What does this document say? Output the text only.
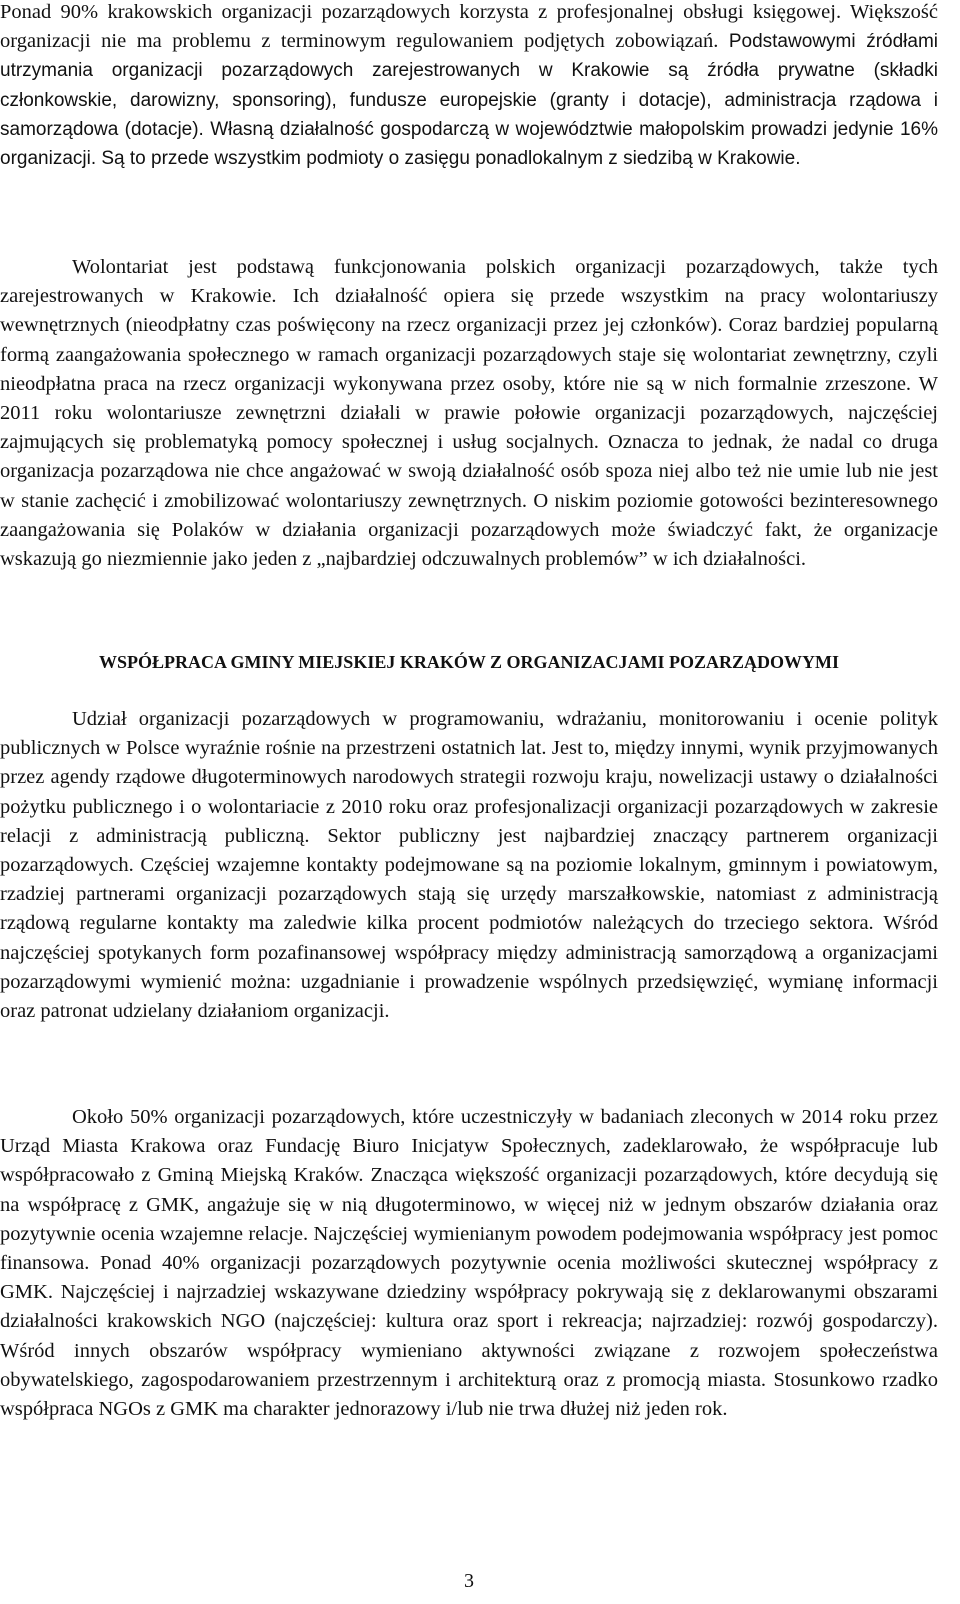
Ponad 90% krakowskich organizacji pozarządowych korzysta z profesjonalnej obsługi księgowej. Większość organizacji nie ma problemu z terminowym regulowaniem podjętych zobowiązań. Podstawowymi źródłami utrzymania organizacji pozarządowych zarejestrowanych w Krakowie są źródła prywatne (składki członkowskie, darowizny, sponsoring), fundusze europejskie (granty i dotacje), administracja rządowa i samorządowa (dotacje). Własną działalność gospodarczą w województwie małopolskim prowadzi jedynie 16% organizacji. Są to przede wszystkim podmioty o zasięgu ponadlokalnym z siedzibą w Krakowie.

Wolontariat jest podstawą funkcjonowania polskich organizacji pozarządowych, także tych zarejestrowanych w Krakowie. Ich działalność opiera się przede wszystkim na pracy wolontariuszy wewnętrznych (nieodpłatny czas poświęcony na rzecz organizacji przez jej członków). Coraz bardziej popularną formą zaangażowania społecznego w ramach organizacji pozarządowych staje się wolontariat zewnętrzny, czyli nieodpłatna praca na rzecz organizacji wykonywana przez osoby, które nie są w nich formalnie zrzeszone. W 2011 roku wolontariusze zewnętrzni działali w prawie połowie organizacji pozarządowych, najczęściej zajmujących się problematyką pomocy społecznej i usług socjalnych. Oznacza to jednak, że nadal co druga organizacja pozarządowa nie chce angażować w swoją działalność osób spoza niej albo też nie umie lub nie jest w stanie zachęcić i zmobilizować wolontariuszy zewnętrznych. O niskim poziomie gotowości bezinteresownego zaangażowania się Polaków w działania organizacji pozarządowych może świadczyć fakt, że organizacje wskazują go niezmiennie jako jeden z „najbardziej odczuwalnych problemów” w ich działalności.

WSPÓŁPRACA GMINY MIEJSKIEJ KRAKÓW Z ORGANIZACJAMI POZARZĄDOWYMI

Udział organizacji pozarządowych w programowaniu, wdrażaniu, monitorowaniu i ocenie polityk publicznych w Polsce wyraźnie rośnie na przestrzeni ostatnich lat. Jest to, między innymi, wynik przyjmowanych przez agendy rządowe długoterminowych narodowych strategii rozwoju kraju, nowelizacji ustawy o działalności pożytku publicznego i o wolontariacie z 2010 roku oraz profesjonalizacji organizacji pozarządowych w zakresie relacji z administracją publiczną. Sektor publiczny jest najbardziej znaczący partnerem organizacji pozarządowych. Częściej wzajemne kontakty podejmowane są na poziomie lokalnym, gminnym i powiatowym, rzadziej partnerami organizacji pozarządowych stają się urzędy marszałkowskie, natomiast z administracją rządową regularne kontakty ma zaledwie kilka procent podmiotów należących do trzeciego sektora. Wśród najczęściej spotykanych form pozafinansowej współpracy między administracją samorządową a organizacjami pozarządowymi wymienić można: uzgadnianie i prowadzenie wspólnych przedsięwzięć, wymianę informacji oraz patronat udzielany działaniom organizacji.

Około 50% organizacji pozarządowych, które uczestniczyły w badaniach zleconych w 2014 roku przez Urząd Miasta Krakowa oraz Fundację Biuro Inicjatyw Społecznych, zadeklarowało, że współpracuje lub współpracowało z Gminą Miejską Kraków. Znacząca większość organizacji pozarządowych, które decydują się na współpracę z GMK, angażuje się w nią długoterminowo, w więcej niż w jednym obszarów działania oraz pozytywnie ocenia wzajemne relacje. Najczęściej wymienianym powodem podejmowania współpracy jest pomoc finansowa. Ponad 40% organizacji pozarządowych pozytywnie ocenia możliwości skutecznej współpracy z GMK. Najczęściej i najrzadziej wskazywane dziedziny współpracy pokrywają się z deklarowanymi obszarami działalności krakowskich NGO (najczęściej: kultura oraz sport i rekreacja; najrzadziej: rozwój gospodarczy). Wśród innych obszarów współpracy wymieniano aktywności związane z rozwojem społeczeństwa obywatelskiego, zagospodarowaniem przestrzennym i architekturą oraz z promocją miasta. Stosunkowo rzadko współpraca NGOs z GMK ma charakter jednorazowy i/lub nie trwa dłużej niż jeden rok.

3
